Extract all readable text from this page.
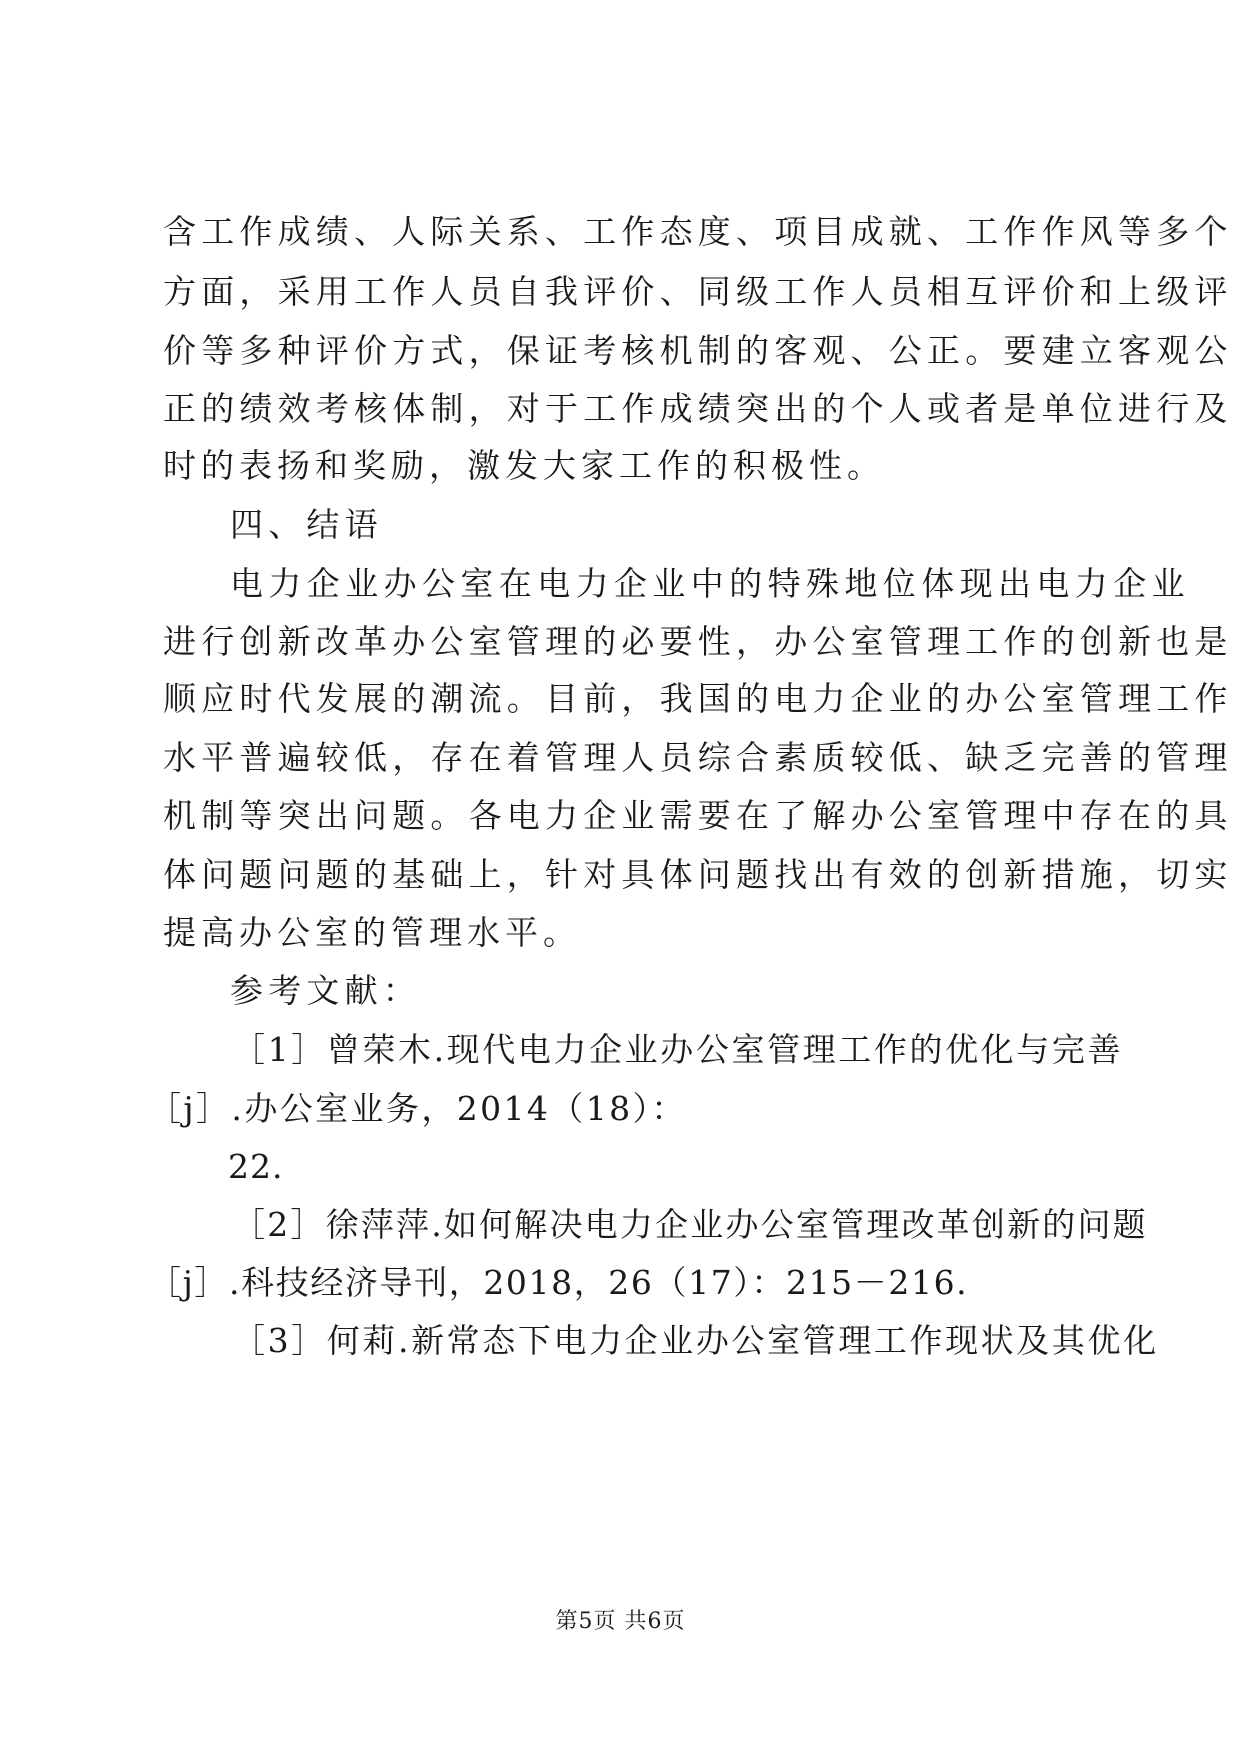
含工作成绩、人际关系、工作态度、项目成就、工作作风等多个
方面，采用工作人员自我评价、同级工作人员相互评价和上级评
价等多种评价方式，保证考核机制的客观、公正。要建立客观公
正的绩效考核体制，对于工作成绩突出的个人或者是单位进行及
时的表扬和奖励，激发大家工作的积极性。
四、结语
电力企业办公室在电力企业中的特殊地位体现出电力企业
进行创新改革办公室管理的必要性，办公室管理工作的创新也是
顺应时代发展的潮流。目前，我国的电力企业的办公室管理工作
水平普遍较低，存在着管理人员综合素质较低、缺乏完善的管理
机制等突出问题。各电力企业需要在了解办公室管理中存在的具
体问题问题的基础上，针对具体问题找出有效的创新措施，切实
提高办公室的管理水平。
参考文献：
［1］曾荣木.现代电力企业办公室管理工作的优化与完善
［j］.办公室业务，2014（18）：
22.
［2］徐萍萍.如何解决电力企业办公室管理改革创新的问题
［j］.科技经济导刊，2018，26（17）：215－216.
［3］何莉.新常态下电力企业办公室管理工作现状及其优化
第5页 共6页
